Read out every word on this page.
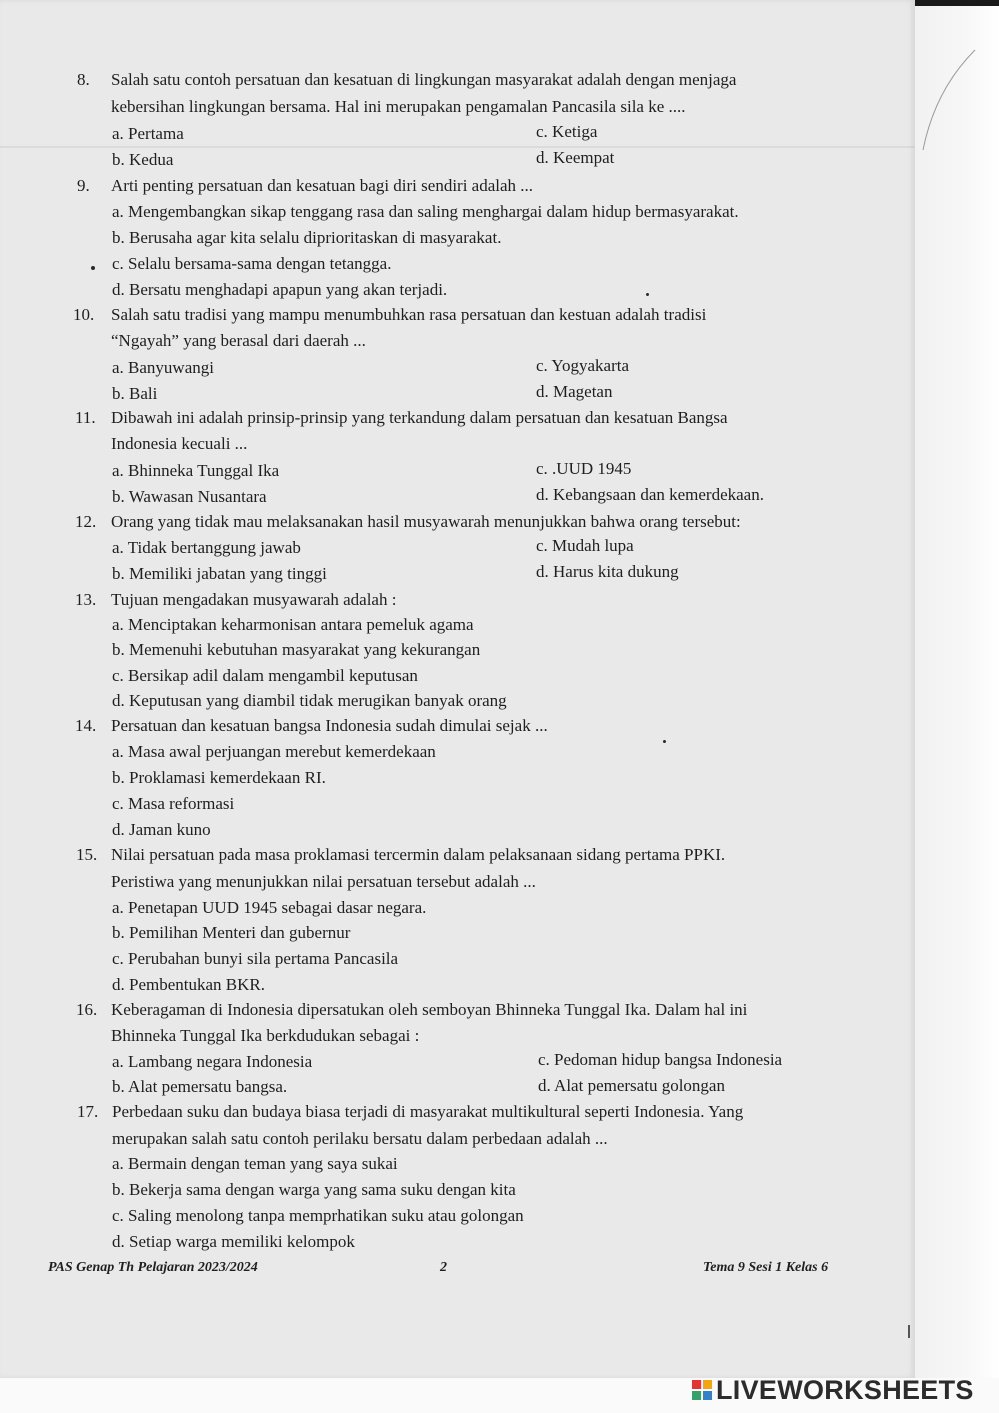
8. Salah satu contoh persatuan dan kesatuan di lingkungan masyarakat adalah dengan menjaga
kebersihan lingkungan bersama. Hal ini merupakan pengamalan Pancasila sila ke ....
a. Pertama	c. Ketiga
b. Kedua	d. Keempat
9. Arti penting persatuan dan kesatuan bagi diri sendiri adalah ...
a. Mengembangkan sikap tenggang rasa dan saling menghargai dalam hidup bermasyarakat.
b. Berusaha agar kita selalu diprioritaskan di masyarakat.
c. Selalu bersama-sama dengan tetangga.
d. Bersatu menghadapi apapun yang akan terjadi.
10. Salah satu tradisi yang mampu menumbuhkan rasa persatuan dan kestuan adalah tradisi
“Ngayah” yang berasal dari daerah ...
a. Banyuwangi	c. Yogyakarta
b. Bali	d. Magetan
11. Dibawah ini adalah prinsip-prinsip yang terkandung dalam persatuan dan kesatuan Bangsa
Indonesia kecuali ...
a. Bhinneka Tunggal Ika	c. .UUD 1945
b. Wawasan Nusantara	d. Kebangsaan dan kemerdekaan.
12. Orang yang tidak mau melaksanakan hasil musyawarah menunjukkan bahwa orang tersebut:
a. Tidak bertanggung jawab	c. Mudah lupa
b. Memiliki jabatan yang tinggi	d. Harus kita dukung
13. Tujuan mengadakan musyawarah adalah :
a. Menciptakan keharmonisan antara pemeluk agama
b. Memenuhi kebutuhan masyarakat yang kekurangan
c. Bersikap adil dalam mengambil keputusan
d. Keputusan yang diambil tidak merugikan banyak orang
14. Persatuan dan kesatuan bangsa Indonesia sudah dimulai sejak ...
a. Masa awal perjuangan merebut kemerdekaan
b. Proklamasi kemerdekaan RI.
c. Masa reformasi
d. Jaman kuno
15. Nilai persatuan pada masa proklamasi tercermin dalam pelaksanaan sidang pertama PPKI.
Peristiwa yang menunjukkan nilai persatuan tersebut adalah ...
a. Penetapan UUD 1945 sebagai dasar negara.
b. Pemilihan Menteri dan gubernur
c. Perubahan bunyi sila pertama Pancasila
d. Pembentukan BKR.
16. Keberagaman di Indonesia dipersatukan oleh semboyan Bhinneka Tunggal Ika. Dalam hal ini
Bhinneka Tunggal Ika berkdudukan sebagai :
a. Lambang negara Indonesia	c. Pedoman hidup bangsa Indonesia
b. Alat pemersatu bangsa.	d. Alat pemersatu golongan
17. Perbedaan suku dan budaya biasa terjadi di masyarakat multikultural seperti Indonesia. Yang
merupakan salah satu contoh perilaku bersatu dalam perbedaan adalah ...
a. Bermain dengan teman yang saya sukai
b. Bekerja sama dengan warga yang sama suku dengan kita
c. Saling menolong tanpa memprhatikan suku atau golongan
d. Setiap warga memiliki kelompok
PAS Genap Th Pelajaran 2023/2024	2	Tema 9 Sesi 1 Kelas 6
LIVEWORKSHEETS
